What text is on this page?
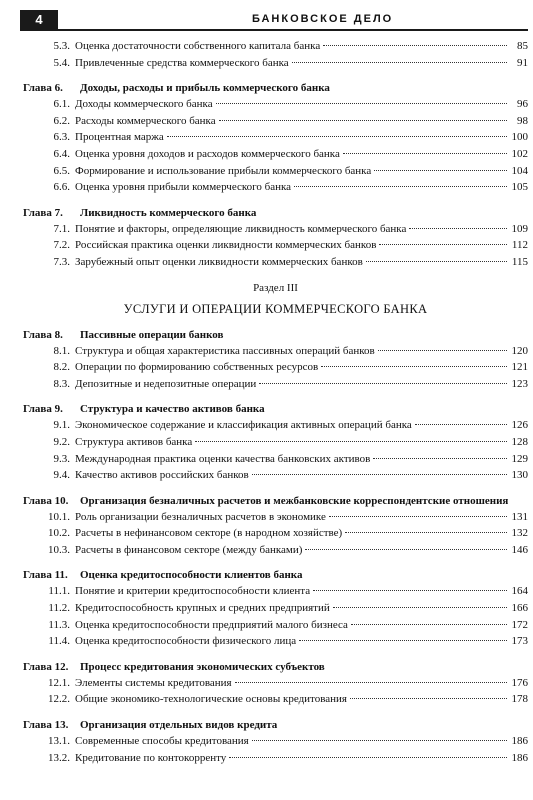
4	БАНКОВСКОЕ ДЕЛО
5.3. Оценка достаточности собственного капитала банка	85
5.4. Привлеченные средства коммерческого банка	91
Глава 6.	Доходы, расходы и прибыль коммерческого банка
6.1. Доходы коммерческого банка	96
6.2. Расходы коммерческого банка	98
6.3. Процентная маржа	100
6.4. Оценка уровня доходов и расходов коммерческого банка	102
6.5. Формирование и использование прибыли коммерческого банка	104
6.6. Оценка уровня прибыли коммерческого банка	105
Глава 7.	Ликвидность коммерческого банка
7.1. Понятие и факторы, определяющие ликвидность коммерческого банка	109
7.2. Российская практика оценки ликвидности коммерческих банков	112
7.3. Зарубежный опыт оценки ликвидности коммерческих банков	115
Раздел III
УСЛУГИ И ОПЕРАЦИИ КОММЕРЧЕСКОГО БАНКА
Глава 8.	Пассивные операции банков
8.1. Структура и общая характеристика пассивных операций банков	120
8.2. Операции по формированию собственных ресурсов	121
8.3. Депозитные и недепозитные операции	123
Глава 9.	Структура и качество активов банка
9.1. Экономическое содержание и классификация активных операций банка	126
9.2. Структура активов банка	128
9.3. Международная практика оценки качества банковских активов	129
9.4. Качество активов российских банков	130
Глава 10.	Организация безналичных расчетов и межбанковские корреспондентские отношения
10.1. Роль организации безналичных расчетов в экономике	131
10.2. Расчеты в нефинансовом секторе (в народном хозяйстве)	132
10.3. Расчеты в финансовом секторе (между банками)	146
Глава 11.	Оценка кредитоспособности клиентов банка
11.1. Понятие и критерии кредитоспособности клиента	164
11.2. Кредитоспособность крупных и средних предприятий	166
11.3. Оценка кредитоспособности предприятий малого бизнеса	172
11.4. Оценка кредитоспособности физического лица	173
Глава 12.	Процесс кредитования экономических субъектов
12.1. Элементы системы кредитования	176
12.2. Общие экономико-технологические основы кредитования	178
Глава 13.	Организация отдельных видов кредита
13.1. Современные способы кредитования	186
13.2. Кредитование по контокорренту	186
